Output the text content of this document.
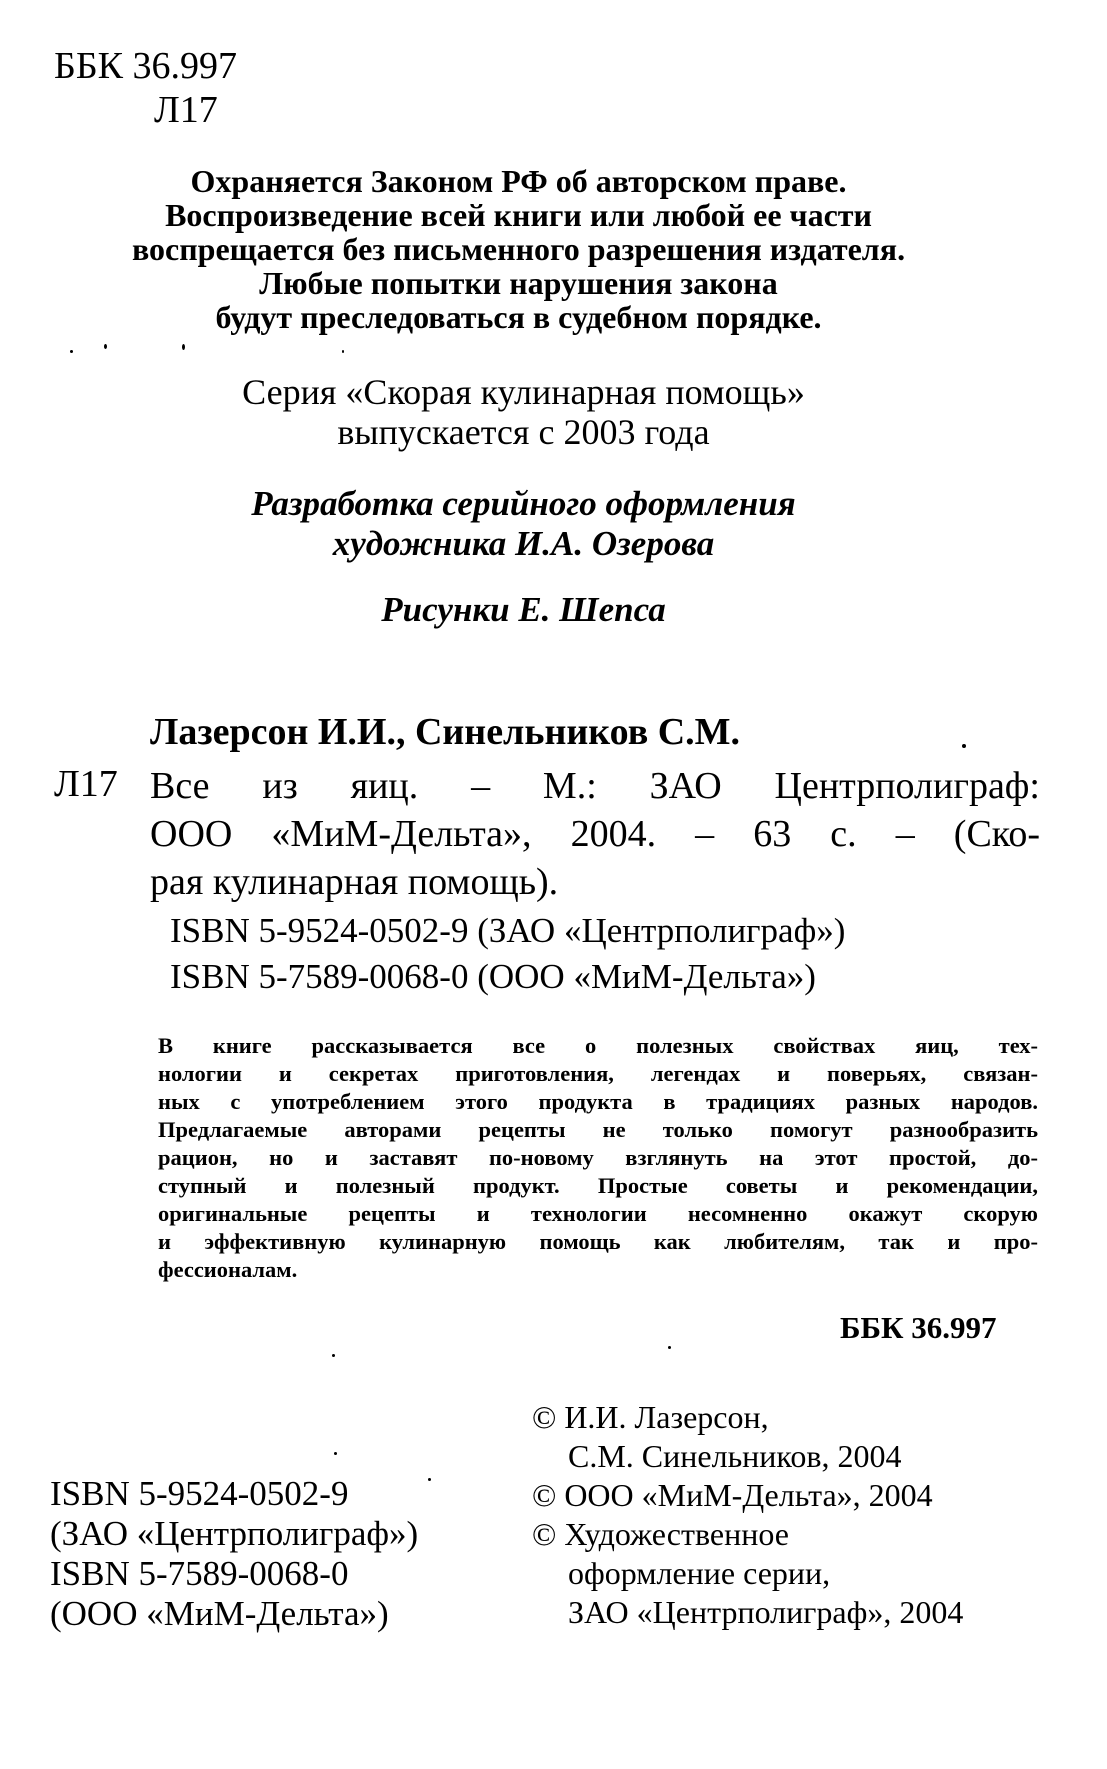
ББК 36.997
Л17
Охраняется Законом РФ об авторском праве.
Воспроизведение всей книги или любой ее части
воспрещается без письменного разрешения издателя.
Любые попытки нарушения закона
будут преследоваться в судебном порядке.
Серия «Скорая кулинарная помощь»
выпускается с 2003 года
Разработка серийного оформления
художника И.А. Озерова
Рисунки Е. Шепса
Лазерсон И.И., Синельников С.М.
Л17 Все из яиц. – М.: ЗАО Центрполиграф:
ООО «МиМ-Дельта», 2004. – 63 с. – (Ско-
рая кулинарная помощь).
ISBN 5-9524-0502-9 (ЗАО «Центрполиграф»)
ISBN 5-7589-0068-0 (ООО «МиМ-Дельта»)
В книге рассказывается все о полезных свойствах яиц, тех-
нологии и секретах приготовления, легендах и поверьях, связан-
ных с употреблением этого продукта в традициях разных народов.
Предлагаемые авторами рецепты не только помогут разнообразить
рацион, но и заставят по-новому взглянуть на этот простой, до-
ступный и полезный продукт. Простые советы и рекомендации,
оригинальные рецепты и технологии несомненно окажут скорую
и эффективную кулинарную помощь как любителям, так и про-
фессионалам.
ББК 36.997
ISBN 5-9524-0502-9
(ЗАО «Центрполиграф»)
ISBN 5-7589-0068-0
(ООО «МиМ-Дельта»)
© И.И. Лазерсон,
С.М. Синельников, 2004
© ООО «МиМ-Дельта», 2004
© Художественное
оформление серии,
ЗАО «Центрполиграф», 2004
